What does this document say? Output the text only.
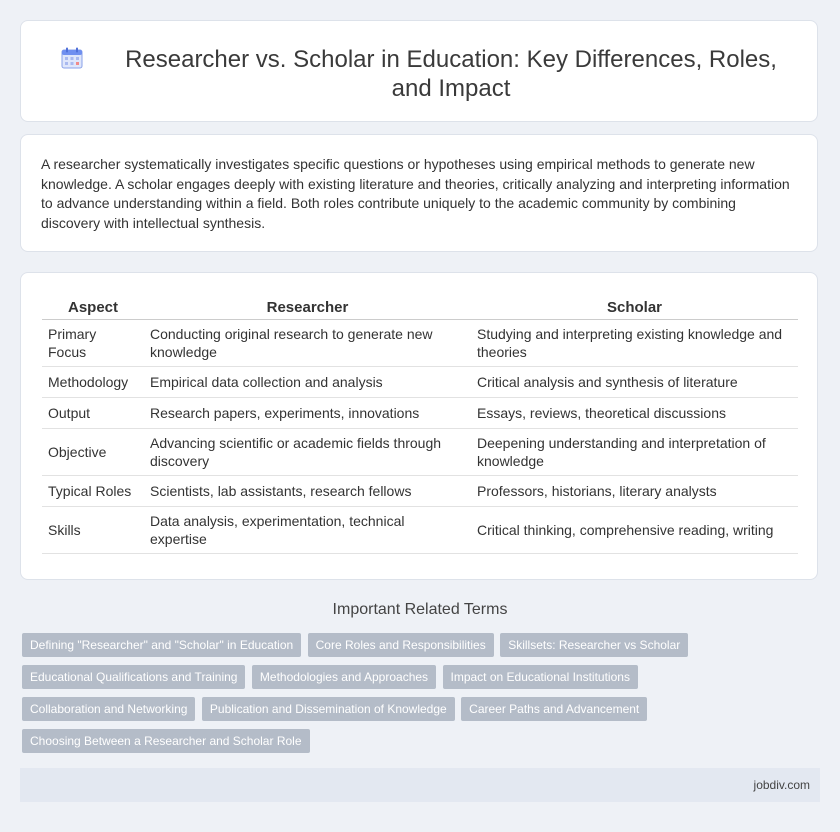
Researcher vs. Scholar in Education: Key Differences, Roles, and Impact

A researcher systematically investigates specific questions or hypotheses using empirical methods to generate new knowledge. A scholar engages deeply with existing literature and theories, critically analyzing and interpreting information to advance understanding within a field. Both roles contribute uniquely to the academic community by combining discovery with intellectual synthesis.

Aspect	Researcher	Scholar
Primary Focus	Conducting original research to generate new knowledge	Studying and interpreting existing knowledge and theories
Methodology	Empirical data collection and analysis	Critical analysis and synthesis of literature
Output	Research papers, experiments, innovations	Essays, reviews, theoretical discussions
Objective	Advancing scientific or academic fields through discovery	Deepening understanding and interpretation of knowledge
Typical Roles	Scientists, lab assistants, research fellows	Professors, historians, literary analysts
Skills	Data analysis, experimentation, technical expertise	Critical thinking, comprehensive reading, writing
Important Related Terms
Defining "Researcher" and "Scholar" in Education Core Roles and Responsibilities Skillsets: Researcher vs Scholar Educational Qualifications and Training Methodologies and Approaches Impact on Educational Institutions Collaboration and Networking Publication and Dissemination of Knowledge Career Paths and Advancement Choosing Between a Researcher and Scholar Role
jobdiv.com
